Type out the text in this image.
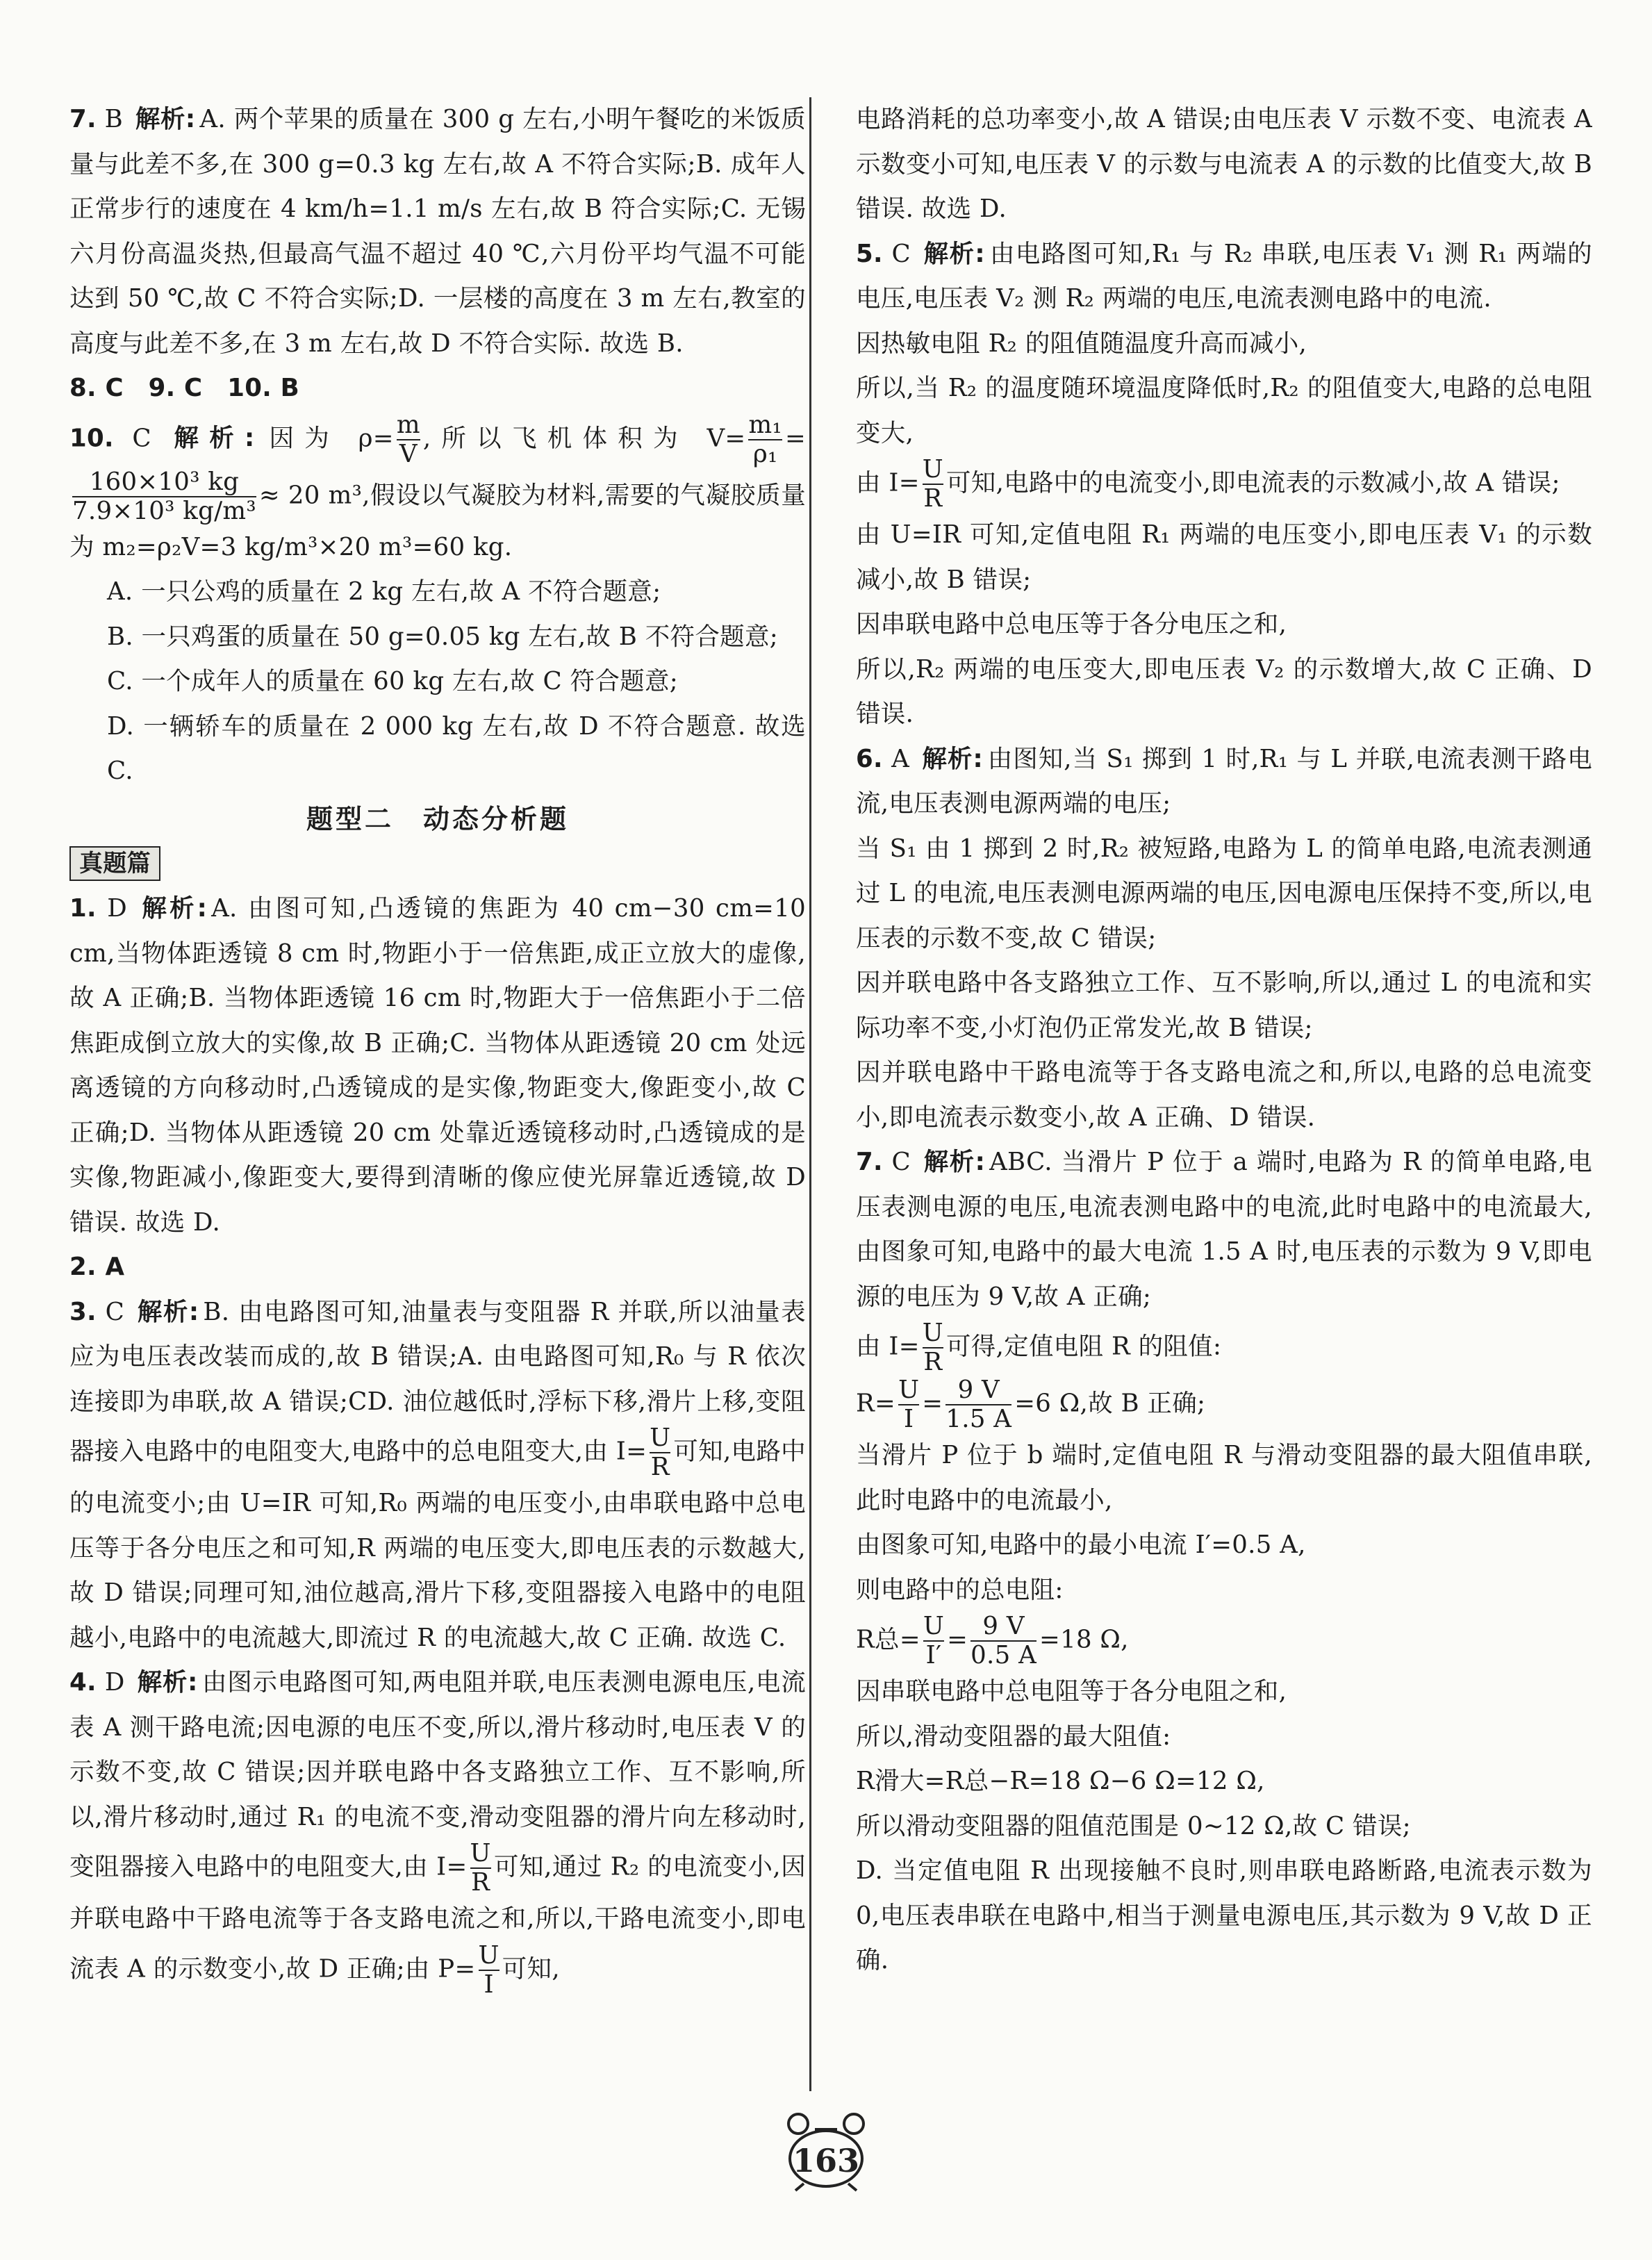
7. B 解析: A. 两个苹果的质量在 300 g 左右,小明午餐吃的米饭质量与此差不多,在 300 g=0.3 kg 左右,故 A 不符合实际;B. 成年人正常步行的速度在 4 km/h=1.1 m/s 左右,故 B 符合实际;C. 无锡六月份高温炎热,但最高气温不超过 40 ℃,六月份平均气温不可能达到 50 ℃,故 C 不符合实际;D. 一层楼的高度在 3 m 左右,教室的高度与此差不多,在 3 m 左右,故 D 不符合实际. 故选 B.

8. C　9. C　10. B

10. C 解析: 因为 $\rho= \frac{m}{V}$ ,所以飞机体积为 $V= \frac{\text{m₁}}{\text{ρ₁}}$ =
$\frac{\text{160×10³ kg}}{\text{7.9×10³ kg/m³}} \approx 20$ m³,假设以气凝胶为材料,需要的气凝胶质量为 m₂=ρ₂V=3 kg/m³×20 m³=60 kg.

A. 一只公鸡的质量在 2 kg 左右,故 A 不符合题意;

B. 一只鸡蛋的质量在 50 g=0.05 kg 左右,故 B 不符合题意;

C. 一个成年人的质量在 60 kg 左右,故 C 符合题意;

D. 一辆轿车的质量在 2 000 kg 左右,故 D 不符合题意. 故选 C.

题型二　动态分析题

真题篇

1. D 解析: A. 由图可知,凸透镜的焦距为 40 cm−30 cm=10 cm,当物体距透镜 8 cm 时,物距小于一倍焦距,成正立放大的虚像,故 A 正确;B. 当物体距透镜 16 cm 时,物距大于一倍焦距小于二倍焦距成倒立放大的实像,故 B 正确;C. 当物体从距透镜 20 cm 处远离透镜的方向移动时,凸透镜成的是实像,物距变大,像距变小,故 C 正确;D. 当物体从距透镜 20 cm 处靠近透镜移动时,凸透镜成的是实像,物距减小,像距变大,要得到清晰的像应使光屏靠近透镜,故 D 错误. 故选 D.

2. A

3. C 解析: B. 由电路图可知,油量表与变阻器 R 并联,所以油量表应为电压表改装而成的,故 B 错误;A. 由电路图可知,R₀ 与 R 依次连接即为串联,故 A 错误;CD. 油位越低时,浮标下移,滑片上移,变阻器接入电路中的电阻变大,电路中的总电阻变大,由 $I= \frac{U}{R}$ 可知,电路中的电流变小;由 U=IR 可知,R₀ 两端的电压变小,由串联电路中总电压等于各分电压之和可知,R 两端的电压变大,即电压表的示数越大,故 D 错误;同理可知,油位越高,滑片下移,变阻器接入电路中的电阻越小,电路中的电流越大,即流过 R 的电流越大,故 C 正确. 故选 C.

4. D 解析: 由图示电路图可知,两电阻并联,电压表测电源电压,电流表 A 测干路电流;因电源的电压不变,所以,滑片移动时,电压表 V 的示数不变,故 C 错误;因并联电路中各支路独立工作、互不影响,所以,滑片移动时,通过 R₁ 的电流不变,滑动变阻器的滑片向左移动时,变阻器接入电路中的电阻变大,由 $I= \frac{U}{R}$ 可知,通过 R₂ 的电流变小,因并联电路中干路电流等于各支路电流之和,所以,干路电流变小,即电流表 A 的示数变小,故 D 正确;由 $P= \frac{U}{I}$ 可知,

电路消耗的总功率变小,故 A 错误;由电压表 V 示数不变、电流表 A 示数变小可知,电压表 V 的示数与电流表 A 的示数的比值变大,故 B 错误. 故选 D.

5. C 解析: 由电路图可知,R₁ 与 R₂ 串联,电压表 V₁ 测 R₁ 两端的电压,电压表 V₂ 测 R₂ 两端的电压,电流表测电路中的电流.

因热敏电阻 R₂ 的阻值随温度升高而减小,

所以,当 R₂ 的温度随环境温度降低时,R₂ 的阻值变大,电路的总电阻变大,

由 $I= \frac{U}{R}$ 可知,电路中的电流变小,即电流表的示数减小,故 A 错误;

由 U=IR 可知,定值电阻 R₁ 两端的电压变小,即电压表 V₁ 的示数减小,故 B 错误;

因串联电路中总电压等于各分电压之和,

所以,R₂ 两端的电压变大,即电压表 V₂ 的示数增大,故 C 正确、D 错误.

6. A 解析: 由图知,当 S₁ 掷到 1 时,R₁ 与 L 并联,电流表测干路电流,电压表测电源两端的电压;

当 S₁ 由 1 掷到 2 时,R₂ 被短路,电路为 L 的简单电路,电流表测通过 L 的电流,电压表测电源两端的电压,因电源电压保持不变,所以,电压表的示数不变,故 C 错误;

因并联电路中各支路独立工作、互不影响,所以,通过 L 的电流和实际功率不变,小灯泡仍正常发光,故 B 错误;

因并联电路中干路电流等于各支路电流之和,所以,电路的总电流变小,即电流表示数变小,故 A 正确、D 错误.

7. C 解析: ABC. 当滑片 P 位于 a 端时,电路为 R 的简单电路,电压表测电源的电压,电流表测电路中的电流,此时电路中的电流最大,由图象可知,电路中的最大电流 1.5 A 时,电压表的示数为 9 V,即电源的电压为 9 V,故 A 正确;

由 $I= \frac{U}{R}$ 可得,定值电阻 R 的阻值:

$R= \frac{U}{I} = \frac{9 V}{1.5 A} =6$ Ω,故 B 正确;

当滑片 P 位于 b 端时,定值电阻 R 与滑动变阻器的最大阻值串联,此时电路中的电流最小,

由图象可知,电路中的最小电流 I′=0.5 A,

则电路中的总电阻:

R总= $\frac{U}{I'} = \frac{9 V}{0.5 A} =18$ Ω,

因串联电路中总电阻等于各分电阻之和,

所以,滑动变阻器的最大阻值:

R滑大=R总−R=18 Ω−6 Ω=12 Ω,

所以滑动变阻器的阻值范围是 0~12 Ω,故 C 错误;

D. 当定值电阻 R 出现接触不良时,则串联电路断路,电流表示数为 0,电压表串联在电路中,相当于测量电源电压,其示数为 9 V,故 D 正确.

163
